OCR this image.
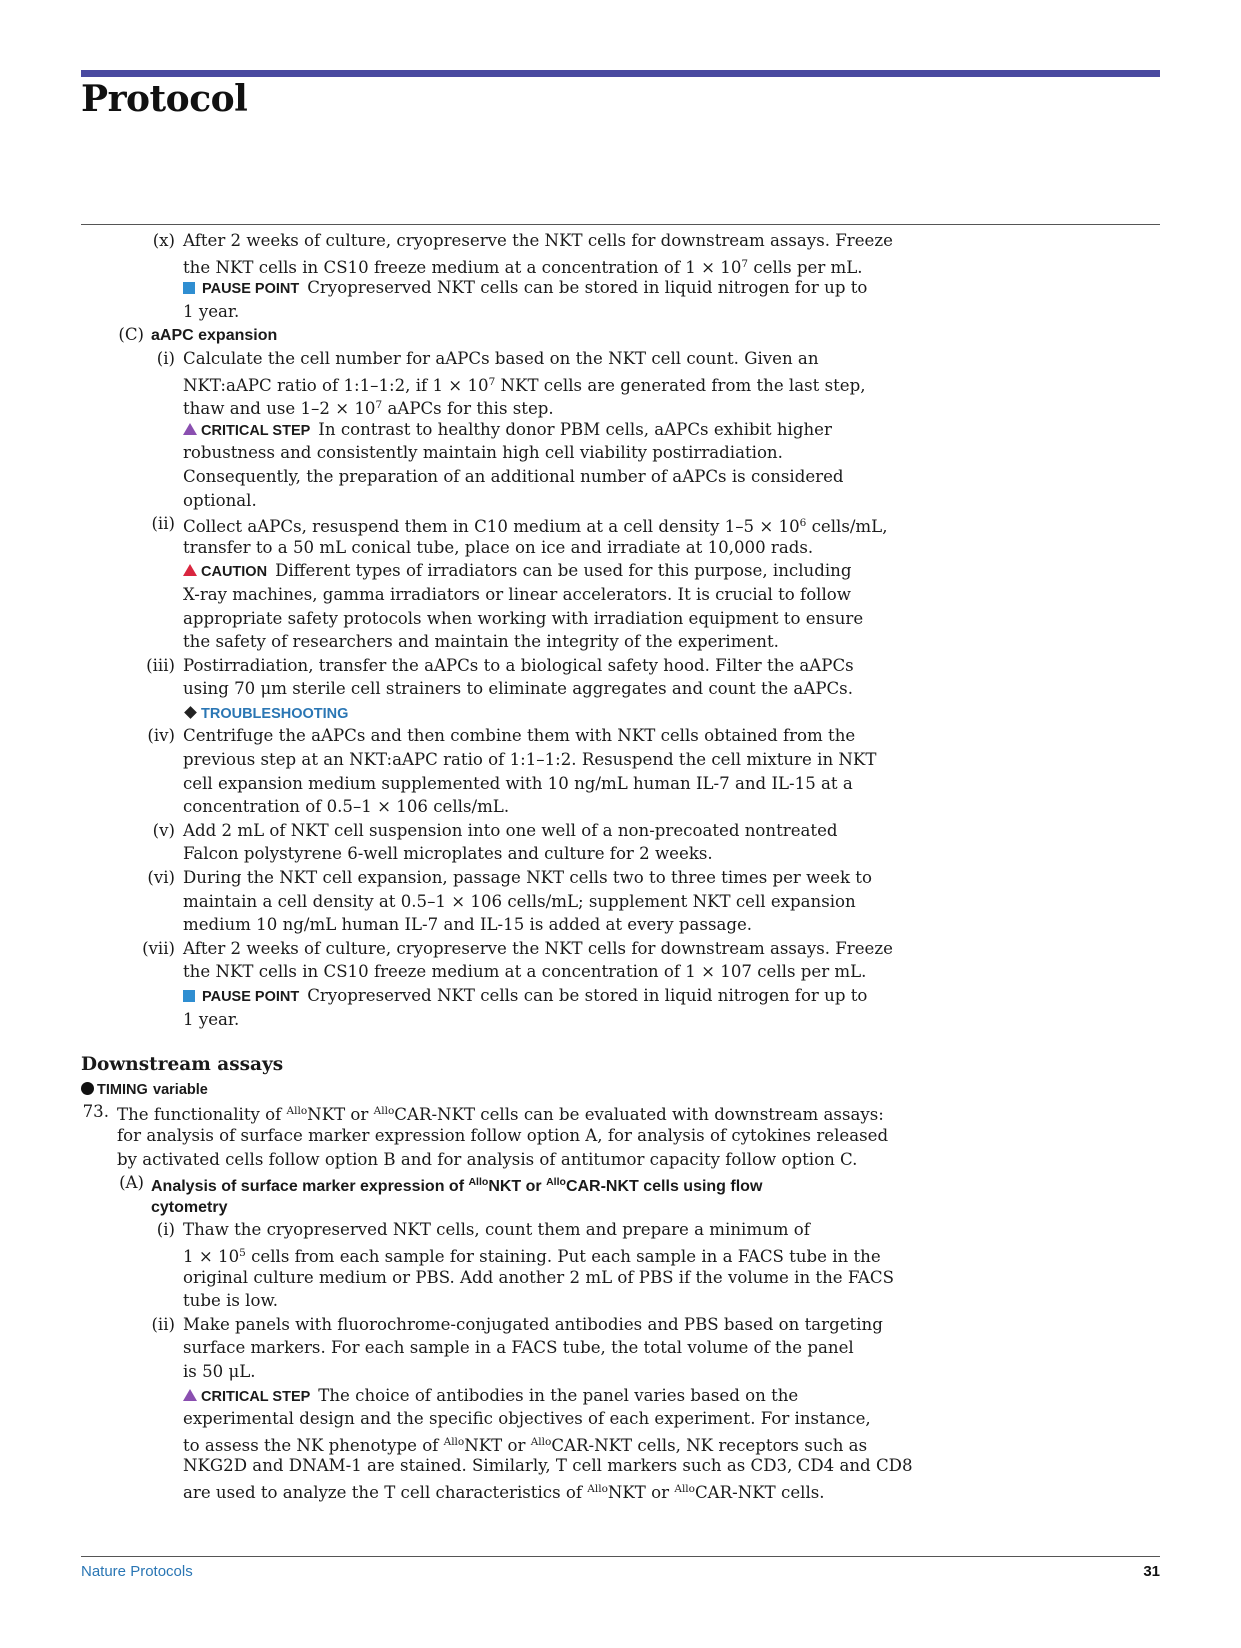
Protocol
(x) After 2 weeks of culture, cryopreserve the NKT cells for downstream assays. Freeze
the NKT cells in CS10 freeze medium at a concentration of $1 \times 10^7$ cells per mL.
PAUSE POINT Cryopreserved NKT cells can be stored in liquid nitrogen for up to
1 year.
(C) aAPC expansion
(i) Calculate the cell number for aAPCs based on the NKT cell count. Given an
NKT:aAPC ratio of 1:1–1:2, if $1 \times 10^7$ NKT cells are generated from the last step,
thaw and use $1-2 \times 10^7$ aAPCs for this step.
CRITICAL STEP In contrast to healthy donor PBM cells, aAPCs exhibit higher
robustness and consistently maintain high cell viability postirradiation.
Consequently, the preparation of an additional number of aAPCs is considered
optional.
(ii) Collect aAPCs, resuspend them in C10 medium at a cell density $1-5 \times 10^6$ cells/mL,
transfer to a 50 mL conical tube, place on ice and irradiate at 10,000 rads.
CAUTION Different types of irradiators can be used for this purpose, including
X-ray machines, gamma irradiators or linear accelerators. It is crucial to follow
appropriate safety protocols when working with irradiation equipment to ensure
the safety of researchers and maintain the integrity of the experiment.
(iii) Postirradiation, transfer the aAPCs to a biological safety hood. Filter the aAPCs
using 70 μm sterile cell strainers to eliminate aggregates and count the aAPCs.
TROUBLESHOOTING
(iv) Centrifuge the aAPCs and then combine them with NKT cells obtained from the
previous step at an NKT:aAPC ratio of 1:1–1:2. Resuspend the cell mixture in NKT
cell expansion medium supplemented with 10 ng/mL human IL-7 and IL-15 at a
concentration of 0.5–1 × 106 cells/mL.
(v) Add 2 mL of NKT cell suspension into one well of a non-precoated nontreated
Falcon polystyrene 6-well microplates and culture for 2 weeks.
(vi) During the NKT cell expansion, passage NKT cells two to three times per week to
maintain a cell density at 0.5–1 × 106 cells/mL; supplement NKT cell expansion
medium 10 ng/mL human IL-7 and IL-15 is added at every passage.
(vii) After 2 weeks of culture, cryopreserve the NKT cells for downstream assays. Freeze
the NKT cells in CS10 freeze medium at a concentration of 1 × 107 cells per mL.
PAUSE POINT Cryopreserved NKT cells can be stored in liquid nitrogen for up to
1 year.
Downstream assays
TIMING variable
73. The functionality of $^{Allo}$NKT or $^{Allo}$CAR-NKT cells can be evaluated with downstream assays:
for analysis of surface marker expression follow option A, for analysis of cytokines released
by activated cells follow option B and for analysis of antitumor capacity follow option C.
(A) Analysis of surface marker expression of $^{Allo}$NKT or $^{Allo}$CAR-NKT cells using flow
cytometry
(i) Thaw the cryopreserved NKT cells, count them and prepare a minimum of
$1 \times 10^5$ cells from each sample for staining. Put each sample in a FACS tube in the
original culture medium or PBS. Add another 2 mL of PBS if the volume in the FACS
tube is low.
(ii) Make panels with fluorochrome-conjugated antibodies and PBS based on targeting
surface markers. For each sample in a FACS tube, the total volume of the panel
is 50 μL.
CRITICAL STEP The choice of antibodies in the panel varies based on the
experimental design and the specific objectives of each experiment. For instance,
to assess the NK phenotype of $^{Allo}$NKT or $^{Allo}$CAR-NKT cells, NK receptors such as
NKG2D and DNAM-1 are stained. Similarly, T cell markers such as CD3, CD4 and CD8
are used to analyze the T cell characteristics of $^{Allo}$NKT or $^{Allo}$CAR-NKT cells.
Nature Protocols	31
